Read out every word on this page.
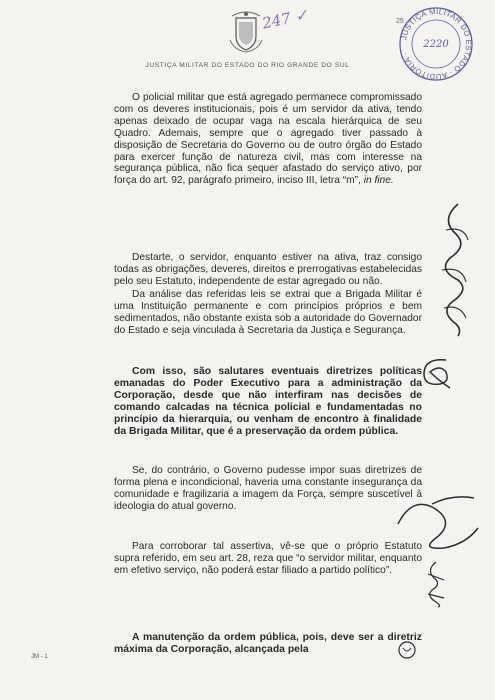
247 ✓	25
JUSTIÇA MILITAR DO ESTADO · AUDITORIA ·
2220
JUSTIÇA MILITAR DO ESTADO DO RIO GRANDE DO SUL

O policial militar que está agregado permanece compromissado com os deveres institucionais, pois é um servidor da ativa, tendo apenas deixado de ocupar vaga na escala hierárquica de seu Quadro. Ademais, sempre que o agregado tiver passado à disposição de Secretaria do Governo ou de outro órgão do Estado para exercer função de natureza civil, mas com interesse na segurança pública, não fica sequer afastado do serviço ativo, por força do art. 92, parágrafo primeiro, inciso III, letra “m”, in fine.

Destarte, o servidor, enquanto estiver na ativa, traz consigo todas as obrigações, deveres, direitos e prerrogativas estabelecidas pelo seu Estatuto, independente de estar agregado ou não.

Da análise das referidas leis se extrai que a Brigada Militar é uma Instituição permanente e com princípios próprios e bem sedimentados, não obstante exista sob a autoridade do Governador do Estado e seja vinculada à Secretaria da Justiça e Segurança.

Com isso, são salutares eventuais diretrizes políticas emanadas do Poder Executivo para a administração da Corporação, desde que não interfiram nas decisões de comando calcadas na técnica policial e fundamentadas no princípio da hierarquia, ou venham de encontro à finalidade da Brigada Militar, que é a preservação da ordem pública.

Se, do contrário, o Governo pudesse impor suas diretrizes de forma plena e incondicional, haveria uma constante insegurança da comunidade e fragilizaria a imagem da Força, sempre suscetível à ideologia do atual governo.

Para corroborar tal assertiva, vê-se que o próprio Estatuto supra referido, em seu art. 28, reza que “o servidor militar, enquanto em efetivo serviço, não poderá estar filiado a partido político”.

A manutenção da ordem pública, pois, deve ser a diretriz máxima da Corporação, alcançada pela

JM - 1
